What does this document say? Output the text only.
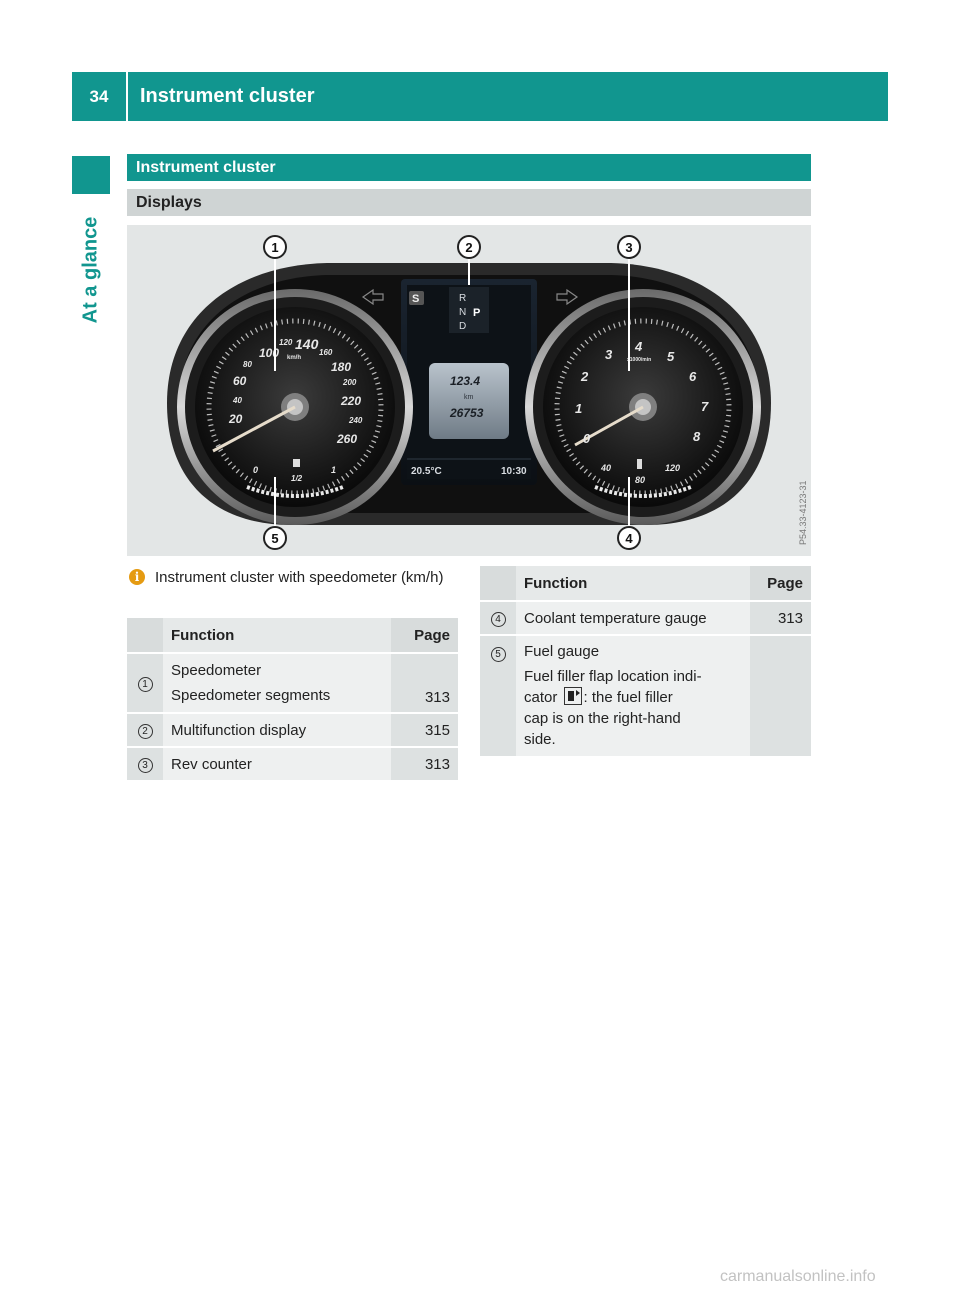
34	Instrument cluster
At a glance
Instrument cluster
Displays
20
40
60
80
100
120 140
160
180
200
220
240
260
km/h
0
1/2
1
0
1
2
3
4
5
6
7
8
x1000/min
40
80
120
S	R
N
D
P
123.4
km
26753
20.5°C	10:30
1	2	3
4
5	P54.33-4123-31
i	Instrument cluster with speedometer (km/h)
	Function	Page
1	Speedometer
Speedometer segments	313
2	Multifunction display	315
3	Rev counter	313
	Function	Page
4	Coolant temperature gauge	313
5	Fuel gauge
Fuel filler flap location indi-
cator : the fuel filler
cap is on the right-hand
side.	

carmanualsonline.info
